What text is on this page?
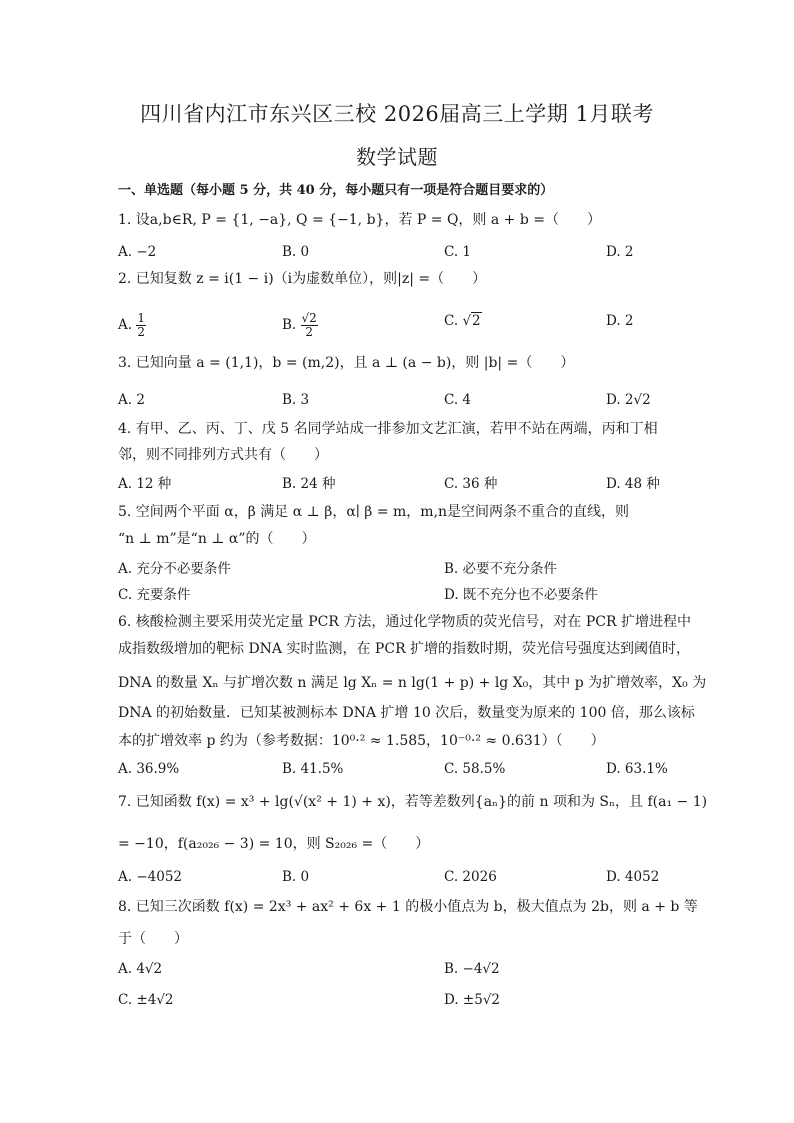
四川省内江市东兴区三校 2026届高三上学期 1月联考
数学试题
一、单选题（每小题 5 分，共 40 分，每小题只有一项是符合题目要求的）
1. 设a,b∈R, P = {1, −a}, Q = {−1, b}，若 P = Q，则 a + b =（　　）
A. −2	B. 0	C. 1	D. 2
2. 已知复数 z = i(1 − i)（i为虚数单位），则|z| =（　　）
A. $\frac{1}{2}$	B. $\frac{√2}{2}$	C. √2	D. 2
3. 已知向量 a = (1,1)，b = (m,2)，且 a ⊥ (a − b)，则 |b| =（　　）
A. 2	B. 3	C. 4	D. 2√2
4. 有甲、乙、丙、丁、戊 5 名同学站成一排参加文艺汇演，若甲不站在两端，丙和丁相
邻，则不同排列方式共有（　　）
A. 12 种	B. 24 种	C. 36 种	D. 48 种
5. 空间两个平面 α，β 满足 α ⊥ β，α∣ β = m，m,n是空间两条不重合的直线，则
“n ⊥ m”是“n ⊥ α”的（　　）
A. 充分不必要条件	B. 必要不充分条件
C. 充要条件	D. 既不充分也不必要条件
6. 核酸检测主要采用荧光定量 PCR 方法，通过化学物质的荧光信号，对在 PCR 扩增进程中
成指数级增加的靶标 DNA 实时监测，在 PCR 扩增的指数时期，荧光信号强度达到阈值时，
DNA 的数量 Xₙ 与扩增次数 n 满足 lg Xₙ = n lg(1 + p) + lg X₀，其中 p 为扩增效率，X₀ 为
DNA 的初始数量．已知某被测标本 DNA 扩增 10 次后，数量变为原来的 100 倍，那么该标
本的扩增效率 p 约为（参考数据：10⁰·² ≈ 1.585，10⁻⁰·² ≈ 0.631）（　　）
A. 36.9%	B. 41.5%	C. 58.5%	D. 63.1%
7. 已知函数 f(x) = x³ + lg(√(x² + 1) + x)，若等差数列{aₙ}的前 n 项和为 Sₙ，且 f(a₁ − 1)
= −10，f(a₂₀₂₆ − 3) = 10，则 S₂₀₂₆ =（　　）
A. −4052	B. 0	C. 2026	D. 4052
8. 已知三次函数 f(x) = 2x³ + ax² + 6x + 1 的极小值点为 b，极大值点为 2b，则 a + b 等
于（　　）
A. 4√2	B. −4√2
C. ±4√2	D. ±5√2
